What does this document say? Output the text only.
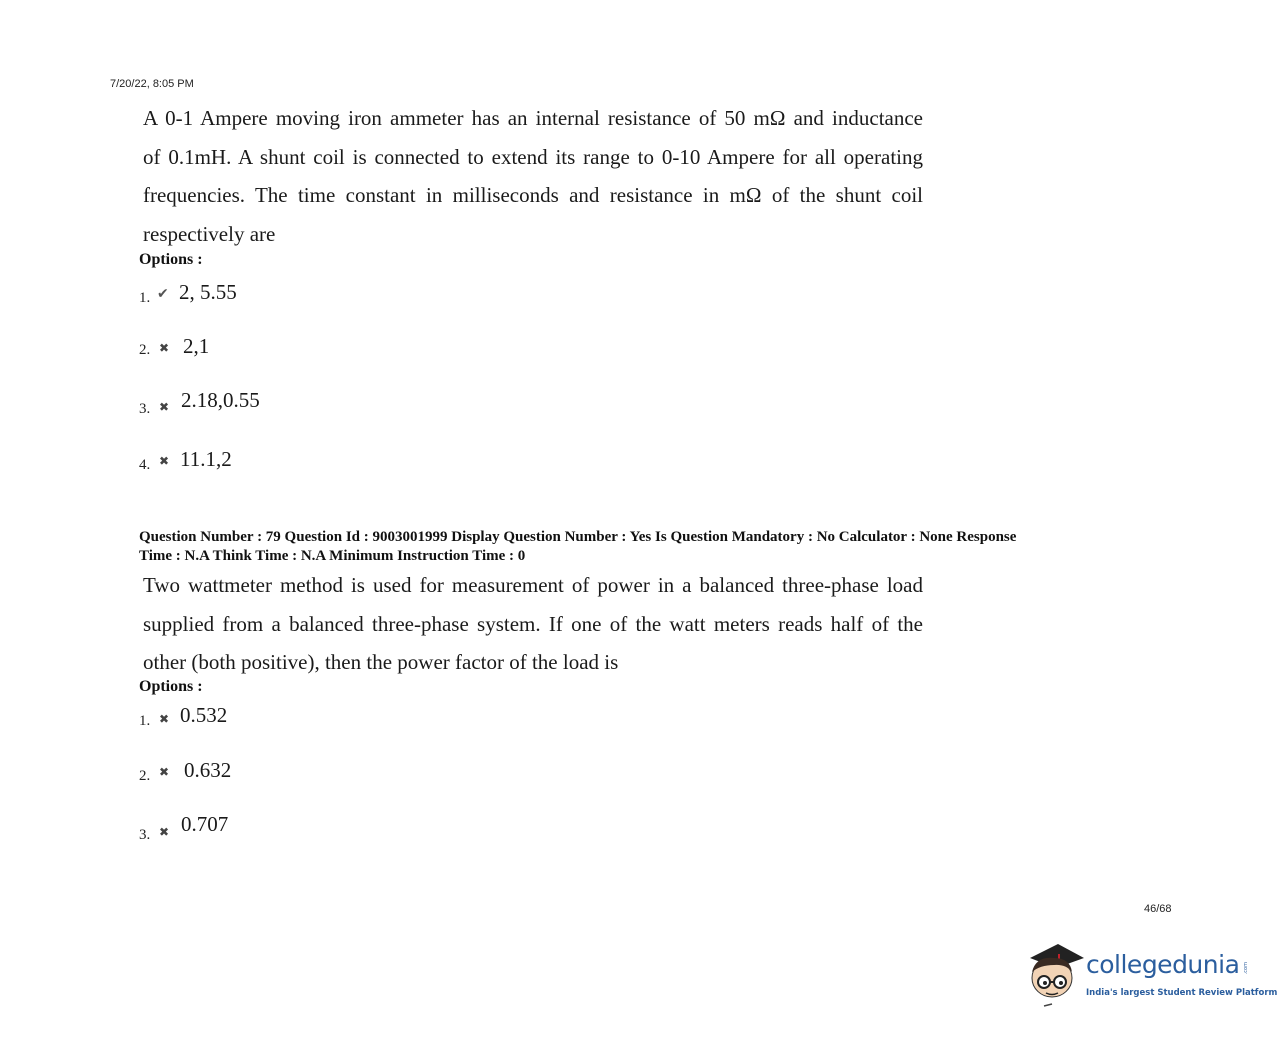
7/20/22, 8:05 PM
A 0-1 Ampere moving iron ammeter has an internal resistance of 50 mΩ and inductance
of 0.1mH. A shunt coil is connected to extend its range to 0-10 Ampere for all operating
frequencies. The time constant in milliseconds and resistance in mΩ of the shunt coil
respectively are
Options :
1. ✔ 2, 5.55
2. ✖ 2,1
3. ✖ 2.18,0.55
4. ✖ 11.1,2
Question Number : 79 Question Id : 9003001999 Display Question Number : Yes Is Question Mandatory : No Calculator : None Response
Time : N.A Think Time : N.A Minimum Instruction Time : 0
Two wattmeter method is used for measurement of power in a balanced three-phase load
supplied from a balanced three-phase system. If one of the watt meters reads half of the
other (both positive), then the power factor of the load is
Options :
1. ✖ 0.532
2. ✖ 0.632
3. ✖ 0.707
46/68
collegedunia .com
India's largest Student Review Platform
